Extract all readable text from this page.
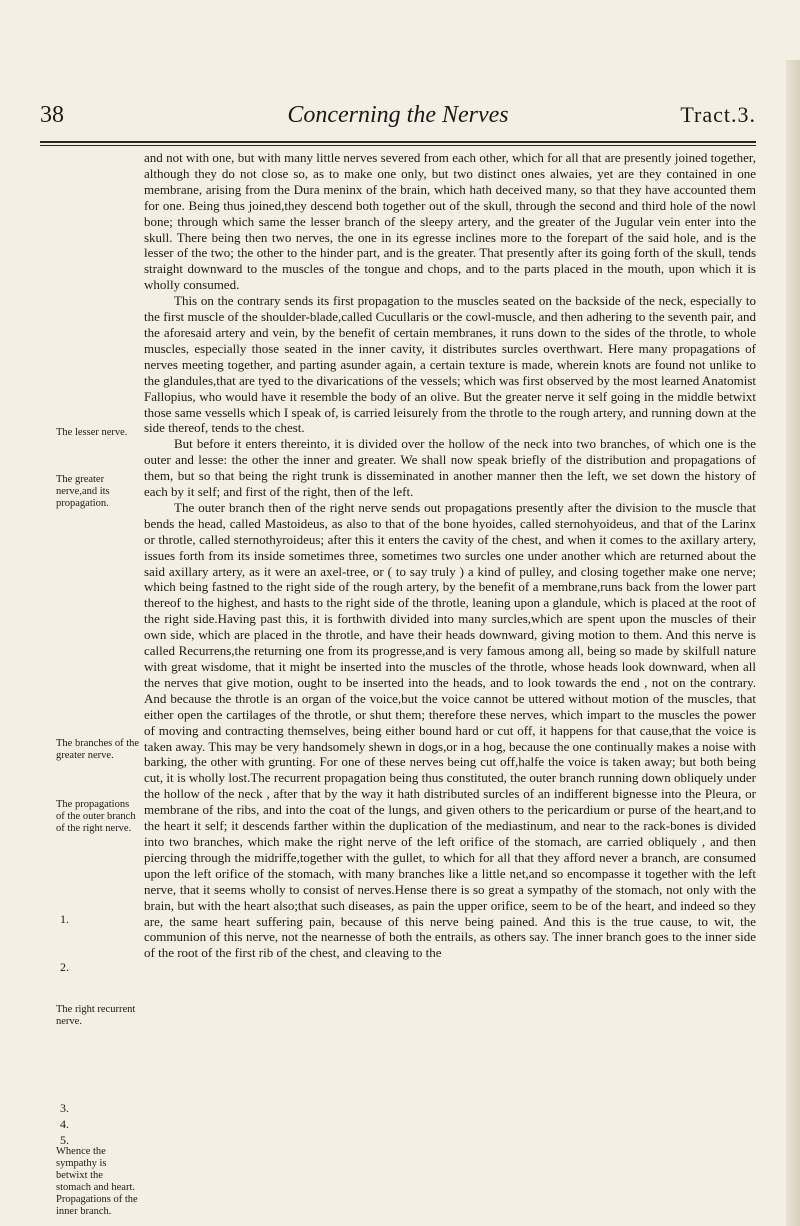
38	Concerning the Nerves	Tract.3.
The lesser nerve.
The greater nerve,and its propagation.
The branches of the greater nerve.
The propagations of the outer branch of the right nerve.
The right recurrent nerve.
Whence the sympathy is betwixt the stomach and heart.
Propagations of the inner branch.
1.
2.
3.
4.
5.

and not with one, but with many little nerves severed from each other, which for all that are presently joined together, although they do not close so, as to make one only, but two distinct ones alwaies, yet are they contained in one membrane, arising from the Dura meninx of the brain, which hath deceived many, so that they have accounted them for one. Being thus joined,they descend both together out of the skull, through the second and third hole of the nowl bone; through which same the lesser branch of the sleepy artery, and the greater of the Jugular vein enter into the skull. There being then two nerves, the one in its egresse inclines more to the forepart of the said hole, and is the lesser of the two; the other to the hinder part, and is the greater. That presently after its going forth of the skull, tends straight downward to the muscles of the tongue and chops, and to the parts placed in the mouth, upon which it is wholly consumed.

This on the contrary sends its first propagation to the muscles seated on the backside of the neck, especially to the first muscle of the shoulder-blade,called Cucullaris or the cowl-muscle, and then adhering to the seventh pair, and the aforesaid artery and vein, by the benefit of certain membranes, it runs down to the sides of the throtle, to whole muscles, especially those seated in the inner cavity, it distributes surcles overthwart. Here many propagations of nerves meeting together, and parting asunder again, a certain texture is made, wherein knots are found not unlike to the glandules,that are tyed to the divarications of the vessels; which was first observed by the most learned Anatomist Fallopius, who would have it resemble the body of an olive. But the greater nerve it self going in the middle betwixt those same vessells which I speak of, is carried leisurely from the throtle to the rough artery, and running down at the side thereof, tends to the chest.

But before it enters thereinto, it is divided over the hollow of the neck into two branches, of which one is the outer and lesse: the other the inner and greater. We shall now speak briefly of the distribution and propagations of them, but so that being the right trunk is disseminated in another manner then the left, we set down the history of each by it self; and first of the right, then of the left.

The outer branch then of the right nerve sends out propagations presently after the division to the muscle that bends the head, called Mastoideus, as also to that of the bone hyoides, called sternohyoideus, and that of the Larinx or throtle, called sternothyroideus; after this it enters the cavity of the chest, and when it comes to the axillary artery, issues forth from its inside sometimes three, sometimes two surcles one under another which are returned about the said axillary artery, as it were an axel-tree, or ( to say truly ) a kind of pulley, and closing together make one nerve; which being fastned to the right side of the rough artery, by the benefit of a membrane,runs back from the lower part thereof to the highest, and hasts to the right side of the throtle, leaning upon a glandule, which is placed at the root of the right side.Having past this, it is forthwith divided into many surcles,which are spent upon the muscles of their own side, which are placed in the throtle, and have their heads downward, giving motion to them. And this nerve is called Recurrens,the returning one from its progresse,and is very famous among all, being so made by skilfull nature with great wisdome, that it might be inserted into the muscles of the throtle, whose heads look downward, when all the nerves that give motion, ought to be inserted into the heads, and to look towards the end , not on the contrary. And because the throtle is an organ of the voice,but the voice cannot be uttered without motion of the muscles, that either open the cartilages of the throtle, or shut them; therefore these nerves, which impart to the muscles the power of moving and contracting themselves, being either bound hard or cut off, it happens for that cause,that the voice is taken away. This may be very handsomely shewn in dogs,or in a hog, because the one continually makes a noise with barking, the other with grunting. For one of these nerves being cut off,halfe the voice is taken away; but both being cut, it is wholly lost.The recurrent propagation being thus constituted, the outer branch running down obliquely under the hollow of the neck , after that by the way it hath distributed surcles of an indifferent bignesse into the Pleura, or membrane of the ribs, and into the coat of the lungs, and given others to the pericardium or purse of the heart,and to the heart it self; it descends farther within the duplication of the mediastinum, and near to the rack-bones is divided into two branches, which make the right nerve of the left orifice of the stomach, are carried obliquely , and then piercing through the midriffe,together with the gullet, to which for all that they afford never a branch, are consumed upon the left orifice of the stomach, with many branches like a little net,and so encompasse it together with the left nerve, that it seems wholly to consist of nerves.Hense there is so great a sympathy of the stomach, not only with the brain, but with the heart also;that such diseases, as pain the upper orifice, seem to be of the heart, and indeed so they are, the same heart suffering pain, because of this nerve being pained. And this is the true cause, to wit, the communion of this nerve, not the nearnesse of both the entrails, as others say. The inner branch goes to the inner side of the root of the first rib of the chest, and cleaving to the
